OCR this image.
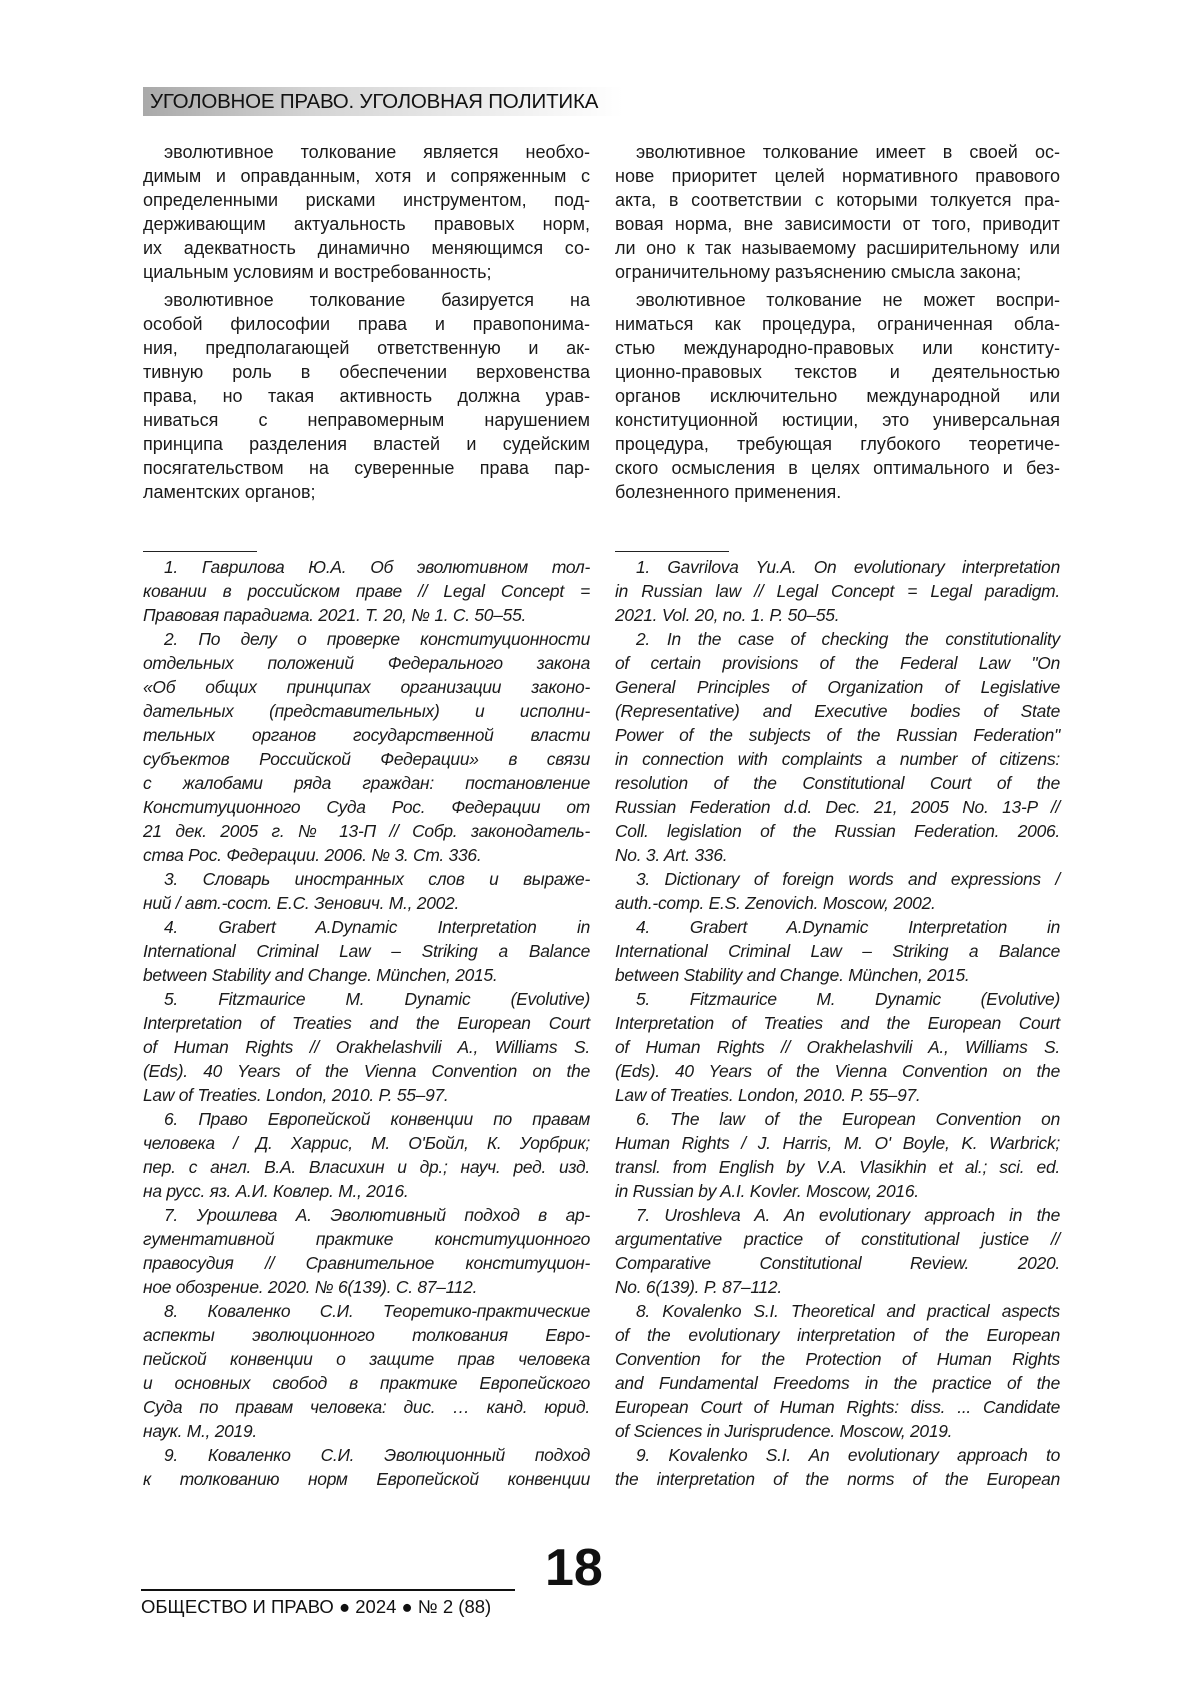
УГОЛОВНОЕ ПРАВО. УГОЛОВНАЯ ПОЛИТИКА
эволютивное толкование является необхо-
димым и оправданным, хотя и сопряженным с
определенными рисками инструментом, под-
держивающим актуальность правовых норм,
их адекватность динамично меняющимся со-
циальным условиям и востребованность;
эволютивное толкование базируется на
особой философии права и правопонима-
ния, предполагающей ответственную и ак-
тивную роль в обеспечении верховенства
права, но такая активность должна урав-
ниваться с неправомерным нарушением
принципа разделения властей и судейским
посягательством на суверенные права пар-
ламентских органов;
эволютивное толкование имеет в своей ос-
нове приоритет целей нормативного правового
акта, в соответствии с которыми толкуется пра-
вовая норма, вне зависимости от того, приводит
ли оно к так называемому расширительному или
ограничительному разъяснению смысла закона;
эволютивное толкование не может воспри-
ниматься как процедура, ограниченная обла-
стью международно-правовых или конститу-
ционно-правовых текстов и деятельностью
органов исключительно международной или
конституционной юстиции, это универсальная
процедура, требующая глубокого теоретиче-
ского осмысления в целях оптимального и без-
болезненного применения.
1. Гаврилова Ю.А. Об эволютивном тол-
ковании в российском праве // Legal Concept =
Правовая парадигма. 2021. Т. 20, № 1. С. 50–55.
2. По делу о проверке конституционности
отдельных положений Федерального закона
«Об общих принципах организации законо-
дательных (представительных) и исполни-
тельных органов государственной власти
субъектов Российской Федерации» в связи
с жалобами ряда граждан: постановление
Конституционного Суда Рос. Федерации от
21 дек. 2005 г. № 13-П // Собр. законодатель-
ства Рос. Федерации. 2006. № 3. Ст. 336.
3. Словарь иностранных слов и выраже-
ний / авт.-сост. Е.С. Зенович. М., 2002.
4. Grabert A.Dynamic Interpretation in
International Criminal Law – Striking a Balance
between Stability and Change. München, 2015.
5. Fitzmaurice M. Dynamic (Evolutive)
Interpretation of Treaties and the European Court
of Human Rights // Orakhelashvili A., Williams S.
(Eds). 40 Years of the Vienna Convention on the
Law of Treaties. London, 2010. P. 55–97.
6. Право Европейской конвенции по правам
человека / Д. Харрис, М. О'Бойл, К. Уорбрик;
пер. с англ. В.А. Власихин и др.; науч. ред. изд.
на русс. яз. А.И. Ковлер. М., 2016.
7. Урошлева А. Эволютивный подход в ар-
гументативной практике конституционного
правосудия // Сравнительное конституцион-
ное обозрение. 2020. № 6(139). С. 87–112.
8. Коваленко С.И. Теоретико-практические
аспекты эволюционного толкования Евро-
пейской конвенции о защите прав человека
и основных свобод в практике Европейского
Суда по правам человека: дис. … канд. юрид.
наук. М., 2019.
9. Коваленко С.И. Эволюционный подход
к толкованию норм Европейской конвенции
1. Gavrilova Yu.A. On evolutionary interpretation
in Russian law // Legal Concept = Legal paradigm.
2021. Vol. 20, no. 1. P. 50–55.
2. In the case of checking the constitutionality
of certain provisions of the Federal Law "On
General Principles of Organization of Legislative
(Representative) and Executive bodies of State
Power of the subjects of the Russian Federation"
in connection with complaints a number of citizens:
resolution of the Constitutional Court of the
Russian Federation d.d. Dec. 21, 2005 No. 13-P //
Coll. legislation of the Russian Federation. 2006.
No. 3. Art. 336.
3. Dictionary of foreign words and expressions /
auth.-comp. E.S. Zenovich. Moscow, 2002.
4. Grabert A.Dynamic Interpretation in
International Criminal Law – Striking a Balance
between Stability and Change. München, 2015.
5. Fitzmaurice M. Dynamic (Evolutive)
Interpretation of Treaties and the European Court
of Human Rights // Orakhelashvili A., Williams S.
(Eds). 40 Years of the Vienna Convention on the
Law of Treaties. London, 2010. P. 55–97.
6. The law of the European Convention on
Human Rights / J. Harris, M. O' Boyle, K. Warbrick;
transl. from English by V.A. Vlasikhin et al.; sci. ed.
in Russian by A.I. Kovler. Moscow, 2016.
7. Uroshleva A. An evolutionary approach in the
argumentative practice of constitutional justice //
Comparative Constitutional Review. 2020.
No. 6(139). P. 87–112.
8. Kovalenko S.I. Theoretical and practical aspects
of the evolutionary interpretation of the European
Convention for the Protection of Human Rights
and Fundamental Freedoms in the practice of the
European Court of Human Rights: diss. ... Candidate
of Sciences in Jurisprudence. Moscow, 2019.
9. Kovalenko S.I. An evolutionary approach to
the interpretation of the norms of the European
18
ОБЩЕСТВО И ПРАВО ● 2024 ● № 2 (88)
